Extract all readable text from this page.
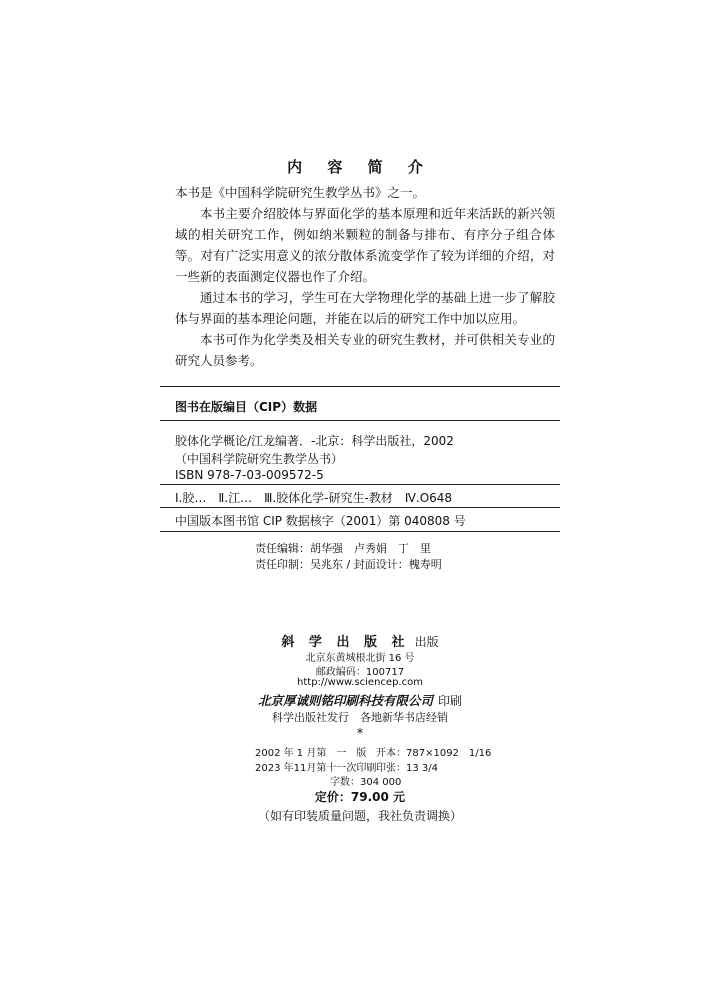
内 容 简 介
本书是《中国科学院研究生教学丛书》之一。
本书主要介绍胶体与界面化学的基本原理和近年来活跃的新兴领域的相关研究工作，例如纳米颗粒的制备与排布、有序分子组合体等。对有广泛实用意义的浓分散体系流变学作了较为详细的介绍，对一些新的表面测定仪器也作了介绍。
通过本书的学习，学生可在大学物理化学的基础上进一步了解胶体与界面的基本理论问题，并能在以后的研究工作中加以应用。
本书可作为化学类及相关专业的研究生教材，并可供相关专业的研究人员参考。
图书在版编目（CIP）数据
胶体化学概论/江龙编著．-北京：科学出版社，2002
（中国科学院研究生教学丛书）
ISBN 978-7-03-009572-5
Ⅰ.胶…　Ⅱ.江…　Ⅲ.胶体化学-研究生-教材　Ⅳ.O648
中国版本图书馆 CIP 数据核字（2001）第 040808 号
责任编辑：胡华强　卢秀娟　丁　里
责任印制：吴兆东 / 封面设计：槐寿明
斜 学 出 版 社 出版
北京东黄城根北街 16 号
邮政编码：100717
http://www.sciencep.com
北京厚诚则铭印刷科技有限公司 印刷
科学出版社发行　各地新华书店经销
*
2002 年 1 月第　一　版 开本：787×1092　1/16
2023 年11月第十一次印刷 印张：13 3/4
字数：304 000
定价：79.00 元
（如有印装质量问题，我社负责调换）
